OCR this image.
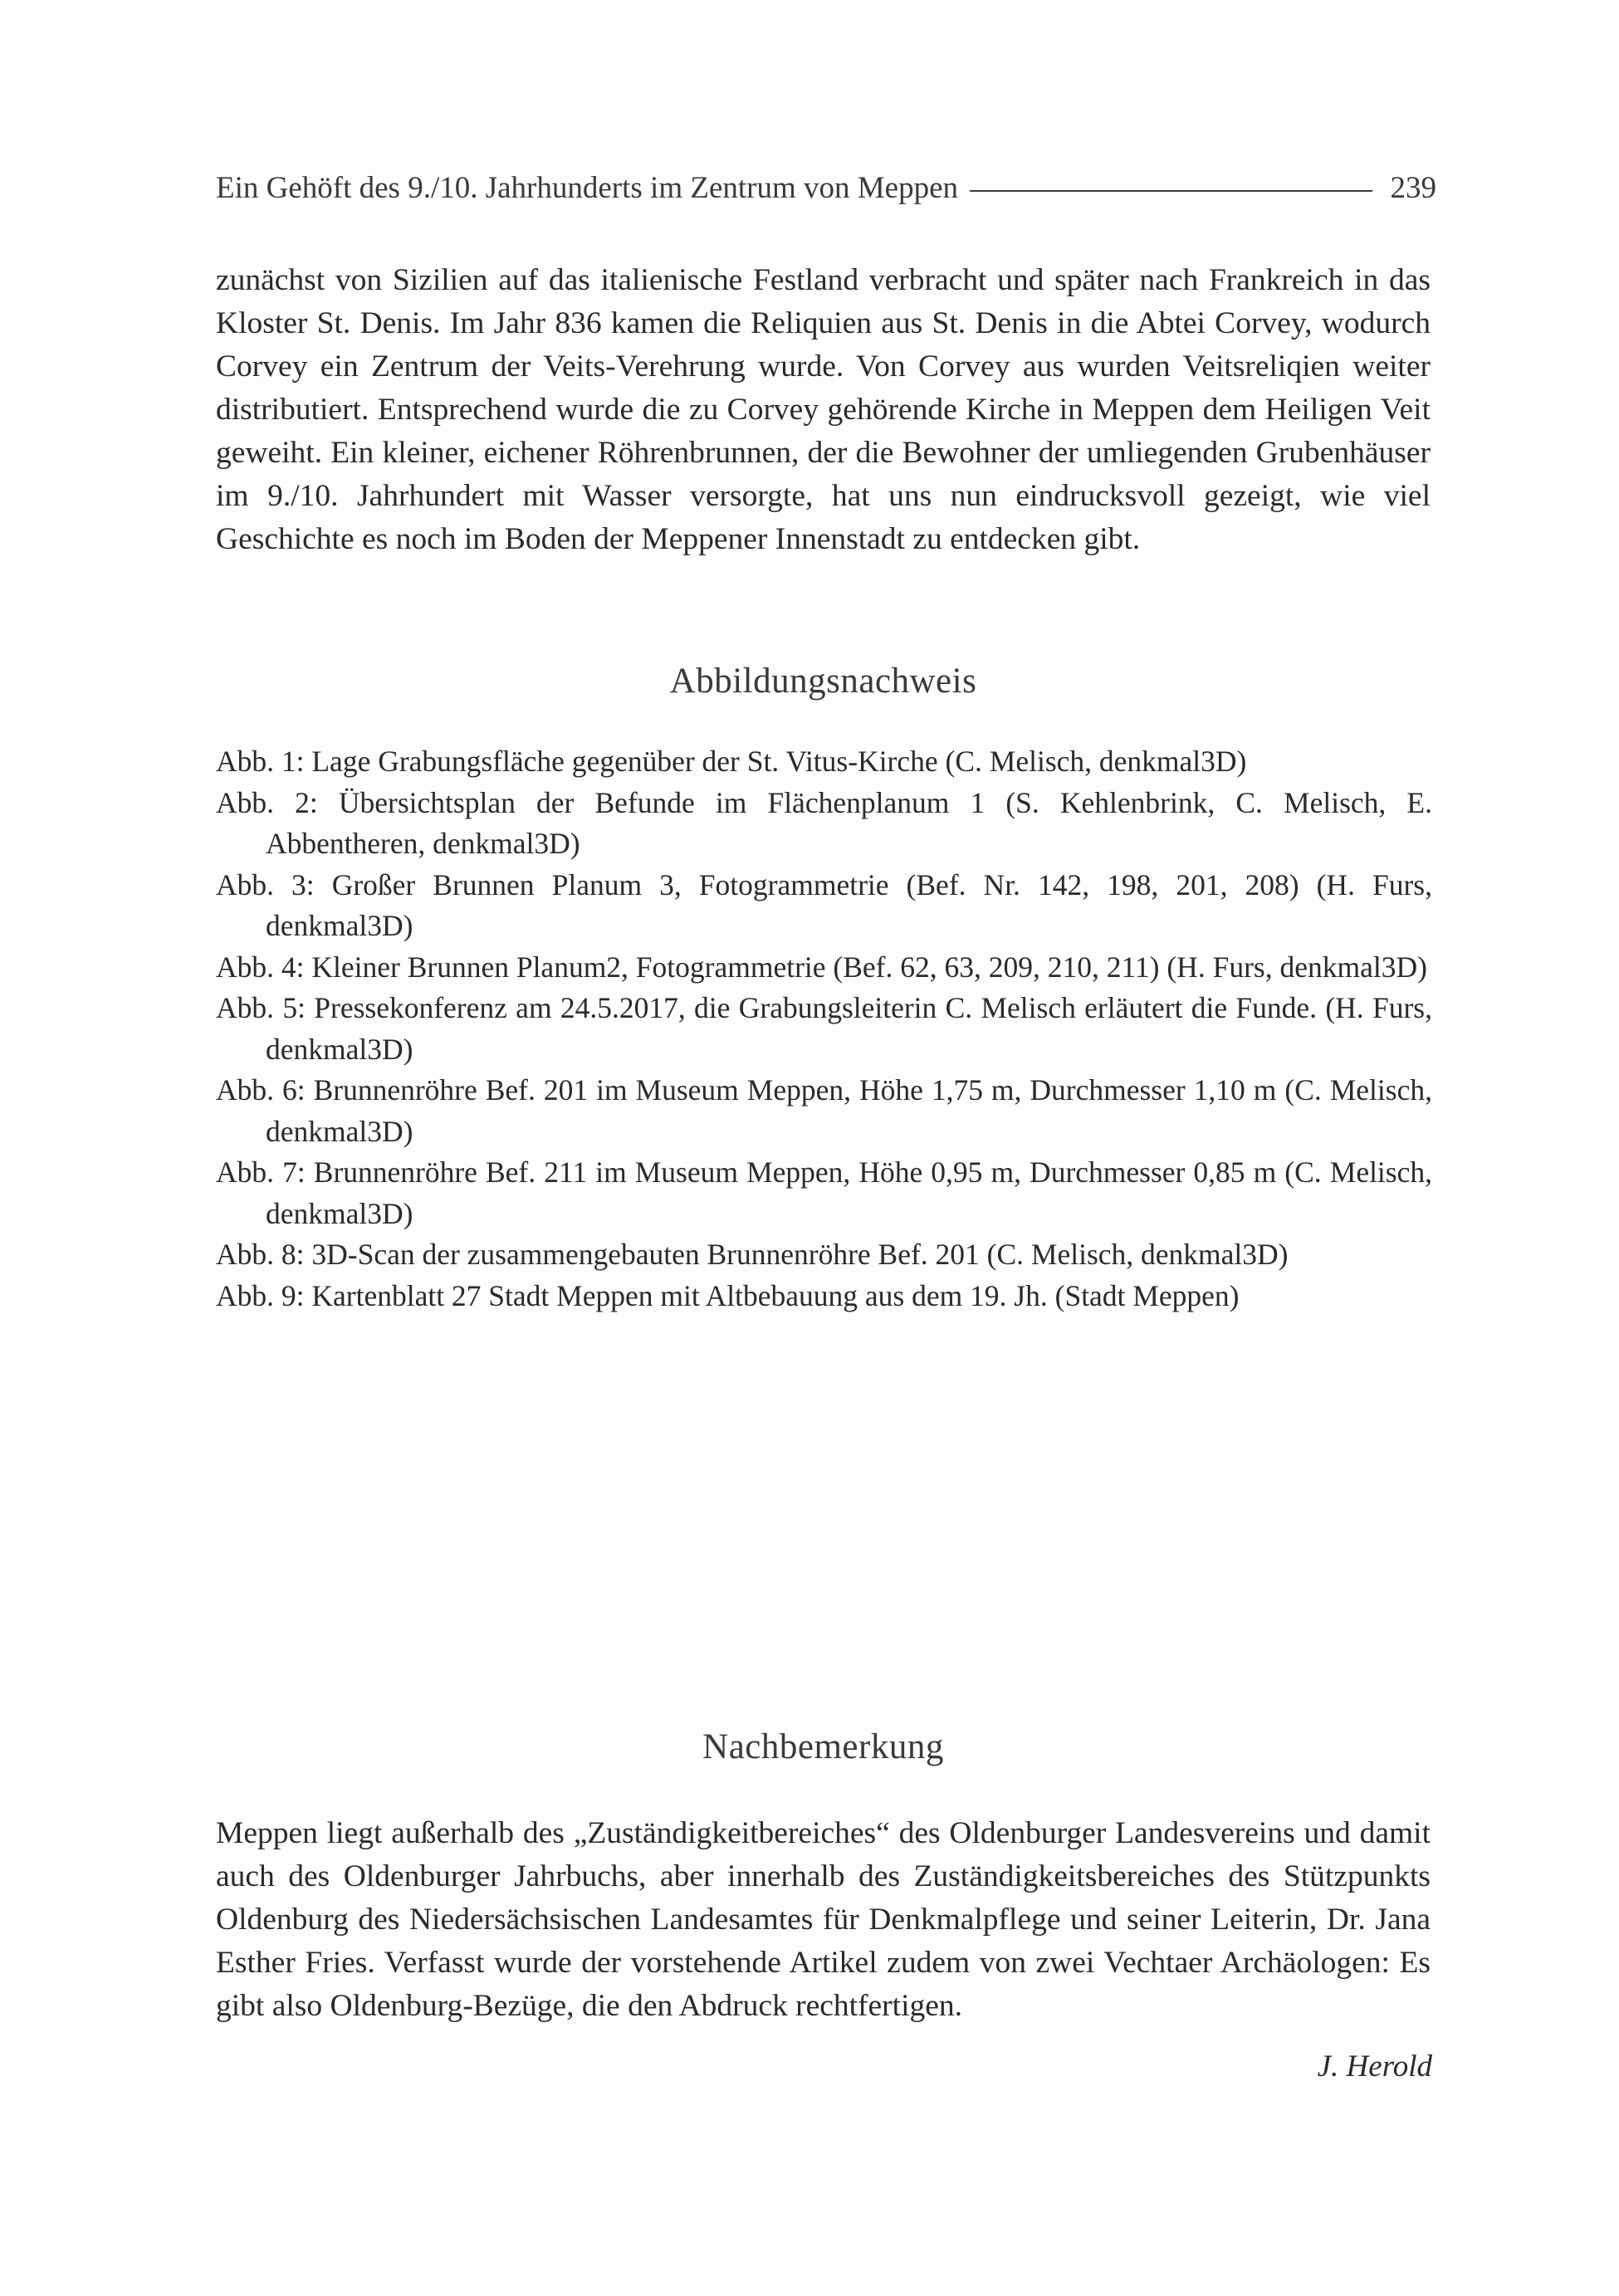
Ein Gehöft des 9./10. Jahrhunderts im Zentrum von Meppen	239

zunächst von Sizilien auf das italienische Festland verbracht und später nach Frankreich in das Kloster St. Denis. Im Jahr 836 kamen die Reliquien aus St. Denis in die Abtei Corvey, wodurch Corvey ein Zentrum der Veits-Verehrung wurde. Von Corvey aus wurden Veitsreliqien weiter distributiert. Entsprechend wurde die zu Corvey gehörende Kirche in Meppen dem Heiligen Veit geweiht. Ein kleiner, eichener Röhrenbrunnen, der die Bewohner der umliegenden Grubenhäuser im 9./10. Jahrhundert mit Wasser versorgte, hat uns nun eindrucksvoll gezeigt, wie viel Geschichte es noch im Boden der Meppener Innenstadt zu entdecken gibt.

Abbildungsnachweis
Abb. 1: Lage Grabungsfläche gegenüber der St. Vitus-Kirche (C. Melisch, denkmal3D)
Abb. 2: Übersichtsplan der Befunde im Flächenplanum 1 (S. Kehlenbrink, C. Melisch, E. Abbentheren, denkmal3D)
Abb. 3: Großer Brunnen Planum 3, Fotogrammetrie (Bef. Nr. 142, 198, 201, 208) (H. Furs, denkmal3D)
Abb. 4: Kleiner Brunnen Planum2, Fotogrammetrie (Bef. 62, 63, 209, 210, 211) (H. Furs, denkmal3D)
Abb. 5: Pressekonferenz am 24.5.2017, die Grabungsleiterin C. Melisch erläutert die Funde. (H. Furs, denkmal3D)
Abb. 6: Brunnenröhre Bef. 201 im Museum Meppen, Höhe 1,75 m, Durchmesser 1,10 m (C. Melisch, denkmal3D)
Abb. 7: Brunnenröhre Bef. 211 im Museum Meppen, Höhe 0,95 m, Durchmesser 0,85 m (C. Melisch, denkmal3D)
Abb. 8: 3D-Scan der zusammengebauten Brunnenröhre Bef. 201 (C. Melisch, denkmal3D)
Abb. 9: Kartenblatt 27 Stadt Meppen mit Altbebauung aus dem 19. Jh. (Stadt Meppen)
Nachbemerkung

Meppen liegt außerhalb des „Zuständigkeitbereiches“ des Oldenburger Landesvereins und damit auch des Oldenburger Jahrbuchs, aber innerhalb des Zuständigkeitsbereiches des Stützpunkts Oldenburg des Niedersächsischen Landesamtes für Denkmalpflege und seiner Leiterin, Dr. Jana Esther Fries. Verfasst wurde der vorstehende Artikel zudem von zwei Vechtaer Archäologen: Es gibt also Oldenburg-Bezüge, die den Abdruck rechtfertigen.

J. Herold
